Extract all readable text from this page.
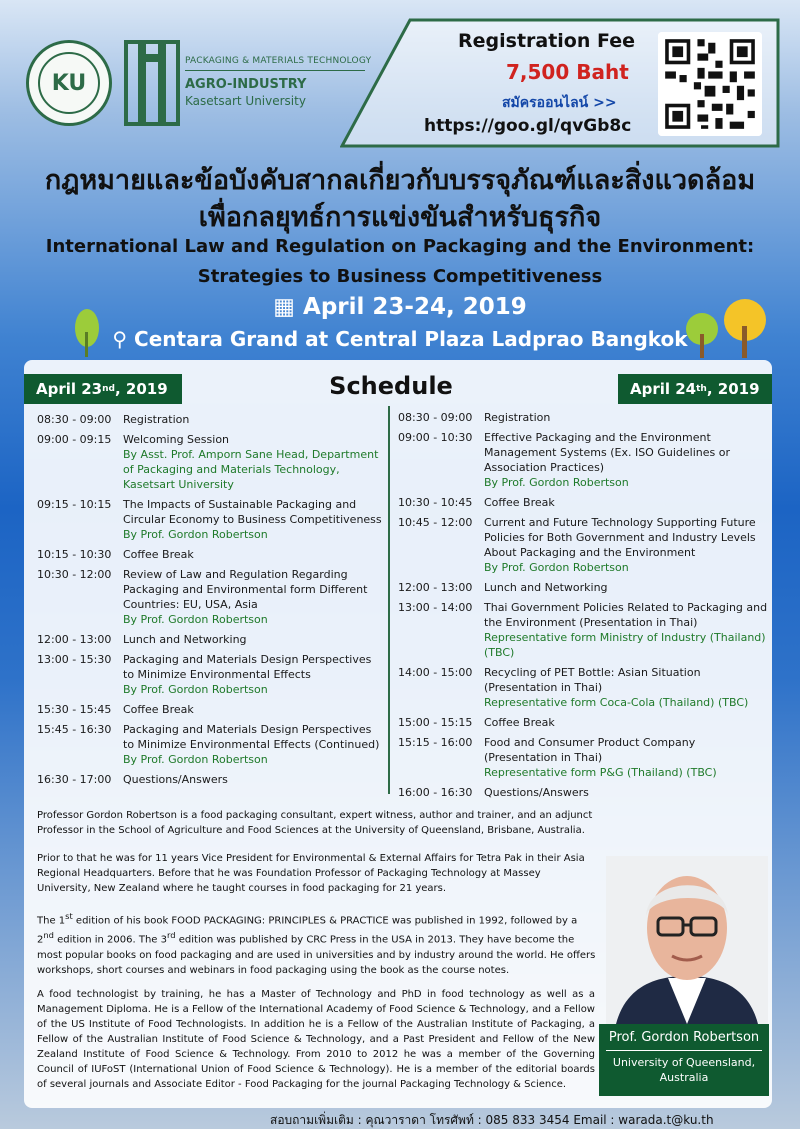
KU
PACKAGING & MATERIALS TECHNOLOGY
AGRO-INDUSTRY
Kasetsart University
Registration Fee
7,500 Baht
สมัครออนไลน์ >>
https://goo.gl/qvGb8c
กฎหมายและข้อบังคับสากลเกี่ยวกับบรรจุภัณฑ์และสิ่งแวดล้อม
เพื่อกลยุทธ์การแข่งขันสำหรับธุรกิจ
International Law and Regulation on Packaging and the Environment:
Strategies to Business Competitiveness
▦ April 23-24, 2019
⚲ Centara Grand at Central Plaza Ladprao Bangkok
April 23 nd , 2019	Schedule	April 24 th , 2019
08:30 - 09:00	Registration
09:00 - 09:15	Welcoming Session
By Asst. Prof. Amporn Sane Head, Department of Packaging and Materials Technology, Kasetsart University
09:15 - 10:15	The Impacts of Sustainable Packaging and Circular Economy to Business Competitiveness
By Prof. Gordon Robertson
10:15 - 10:30	Coffee Break
10:30 - 12:00	Review of Law and Regulation Regarding Packaging and Environmental form Different Countries: EU, USA, Asia
By Prof. Gordon Robertson
12:00 - 13:00	Lunch and Networking
13:00 - 15:30	Packaging and Materials Design Perspectives to Minimize Environmental Effects
By Prof. Gordon Robertson
15:30 - 15:45	Coffee Break
15:45 - 16:30	Packaging and Materials Design Perspectives to Minimize Environmental Effects (Continued)
By Prof. Gordon Robertson
16:30 - 17:00	Questions/Answers
08:30 - 09:00	Registration
09:00 - 10:30	Effective Packaging and the Environment Management Systems (Ex. ISO Guidelines or Association Practices)
By Prof. Gordon Robertson
10:30 - 10:45	Coffee Break
10:45 - 12:00	Current and Future Technology Supporting Future Policies for Both Government and Industry Levels About Packaging and the Environment
By Prof. Gordon Robertson
12:00 - 13:00	Lunch and Networking
13:00 - 14:00	Thai Government Policies Related to Packaging and the Environment (Presentation in Thai)
Representative form Ministry of Industry (Thailand) (TBC)
14:00 - 15:00	Recycling of PET Bottle: Asian Situation (Presentation in Thai)
Representative form Coca-Cola (Thailand) (TBC)
15:00 - 15:15	Coffee Break
15:15 - 16:00	Food and Consumer Product Company (Presentation in Thai)
Representative form P&G (Thailand) (TBC)
16:00 - 16:30	Questions/Answers
Professor Gordon Robertson is a food packaging consultant, expert witness, author and trainer, and an adjunct Professor in the School of Agriculture and Food Sciences at the University of Queensland, Brisbane, Australia.
Prior to that he was for 11 years Vice President for Environmental & External Affairs for Tetra Pak in their Asia Regional Headquarters. Before that he was Foundation Professor of Packaging Technology at Massey University, New Zealand where he taught courses in food packaging for 21 years.
The 1st edition of his book FOOD PACKAGING: PRINCIPLES & PRACTICE was published in 1992, followed by a 2nd edition in 2006. The 3rd edition was published by CRC Press in the USA in 2013. They have become the most popular books on food packaging and are used in universities and by industry around the world. He offers workshops, short courses and webinars in food packaging using the book as the course notes.
A food technologist by training, he has a Master of Technology and PhD in food technology as well as a Management Diploma. He is a Fellow of the International Academy of Food Science & Technology, and a Fellow of the US Institute of Food Technologists. In addition he is a Fellow of the Australian Institute of Packaging, a Fellow of the Australian Institute of Food Science & Technology, and a Past President and Fellow of the New Zealand Institute of Food Science & Technology. From 2010 to 2012 he was a member of the Governing Council of IUFoST (International Union of Food Science & Technology). He is a member of the editorial boards of several journals and Associate Editor - Food Packaging for the journal Packaging Technology & Science.
Prof. Gordon Robertson
University of Queensland, Australia
สอบถามเพิ่มเติม : คุณวาราดา โทรศัพท์ : 085 833 3454 Email : warada.t@ku.th
